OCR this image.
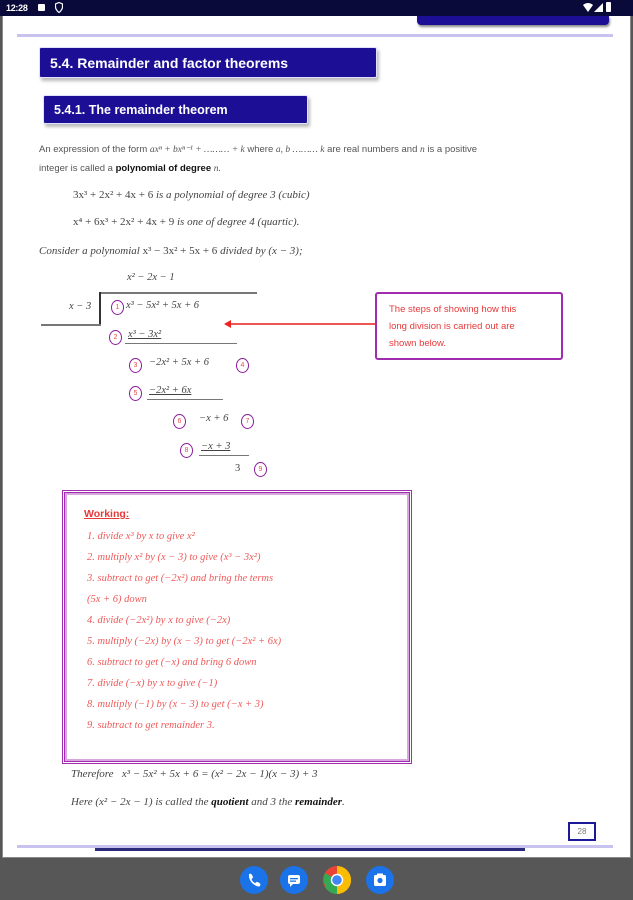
12:28
5.4. Remainder and factor theorems
5.4.1. The remainder theorem
An expression of the form axⁿ + bxⁿ⁻¹ + ……… + k where a, b ……… k are real numbers and n is a positive
integer is called a polynomial of degree n.
3x³ + 2x² + 4x + 6 is a polynomial of degree 3 (cubic)
x⁴ + 6x³ + 2x² + 4x + 9 is one of degree 4 (quartic).
Consider a polynomial x³ − 3x² + 5x + 6 divided by (x − 3);
x² − 2x − 1
x − 3	1 x³ − 5x² + 5x + 6
2	x³ − 3x²
3	−2x² + 5x + 6	4
5	−2x² + 6x
6	−x + 6	7
8	−x + 3
3	9
The steps of showing how this
long division is carried out are
shown below.
Working:
1. divide x³ by x to give x²
2. multiply x² by (x − 3) to give (x³ − 3x²)
3. subtract to get (−2x²) and bring the terms
(5x + 6) down
4. divide (−2x²) by x to give (−2x)
5. multiply (−2x) by (x − 3) to get (−2x² + 6x)
6. subtract to get (−x) and bring 6 down
7. divide (−x) by x to give (−1)
8. multiply (−1) by (x − 3) to get (−x + 3)
9. subtract to get remainder 3.
Therefore x³ − 5x² + 5x + 6 = (x² − 2x − 1)(x − 3) + 3
Here (x² − 2x − 1) is called the quotient and 3 the remainder.
28
